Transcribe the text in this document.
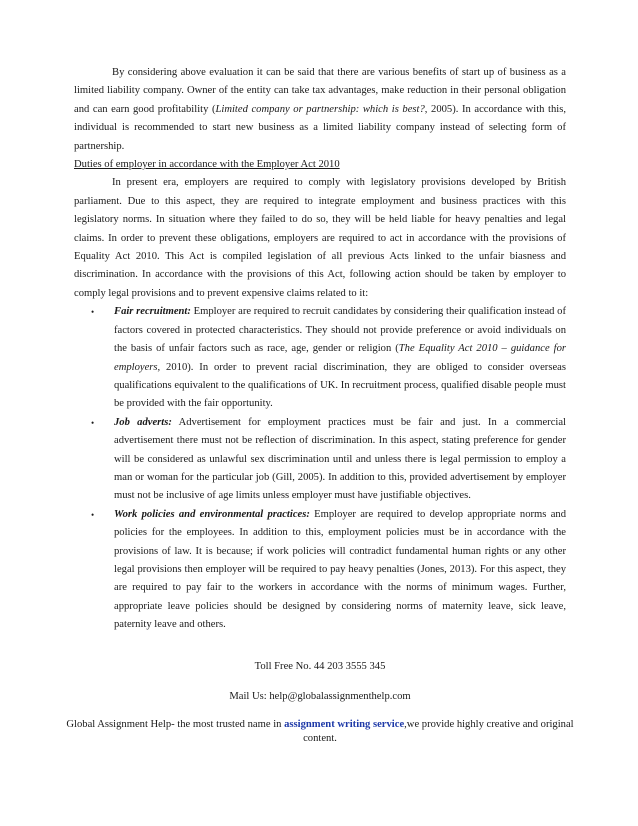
By considering above evaluation it can be said that there are various benefits of start up of business as a limited liability company. Owner of the entity can take tax advantages, make reduction in their personal obligation and can earn good profitability (Limited company or partnership: which is best?, 2005). In accordance with this, individual is recommended to start new business as a limited liability company instead of selecting form of partnership.

Duties of employer in accordance with the Employer Act 2010

In present era, employers are required to comply with legislatory provisions developed by British parliament. Due to this aspect, they are required to integrate employment and business practices with this legislatory norms. In situation where they failed to do so, they will be held liable for heavy penalties and legal claims. In order to prevent these obligations, employers are required to act in accordance with the provisions of Equality Act 2010. This Act is compiled legislation of all previous Acts linked to the unfair biasness and discrimination. In accordance with the provisions of this Act, following action should be taken by employer to comply legal provisions and to prevent expensive claims related to it:

• Fair recruitment: Employer are required to recruit candidates by considering their qualification instead of factors covered in protected characteristics. They should not provide preference or avoid individuals on the basis of unfair factors such as race, age, gender or religion (The Equality Act 2010 – guidance for employers, 2010). In order to prevent racial discrimination, they are obliged to consider overseas qualifications equivalent to the qualifications of UK. In recruitment process, qualified disable people must be provided with the fair opportunity.

• Job adverts: Advertisement for employment practices must be fair and just. In a commercial advertisement there must not be reflection of discrimination. In this aspect, stating preference for gender will be considered as unlawful sex discrimination until and unless there is legal permission to employ a man or woman for the particular job (Gill, 2005). In addition to this, provided advertisement by employer must not be inclusive of age limits unless employer must have justifiable objectives.

• Work policies and environmental practices: Employer are required to develop appropriate norms and policies for the employees. In addition to this, employment policies must be in accordance with the provisions of law. It is because; if work policies will contradict fundamental human rights or any other legal provisions then employer will be required to pay heavy penalties (Jones, 2013). For this aspect, they are required to pay fair to the workers in accordance with the norms of minimum wages. Further, appropriate leave policies should be designed by considering norms of maternity leave, sick leave, paternity leave and others.

Toll Free No. 44 203 3555 345

Mail Us: help@globalassignmenthelp.com

Global Assignment Help- the most trusted name in assignment writing service,we provide highly creative and original content.
